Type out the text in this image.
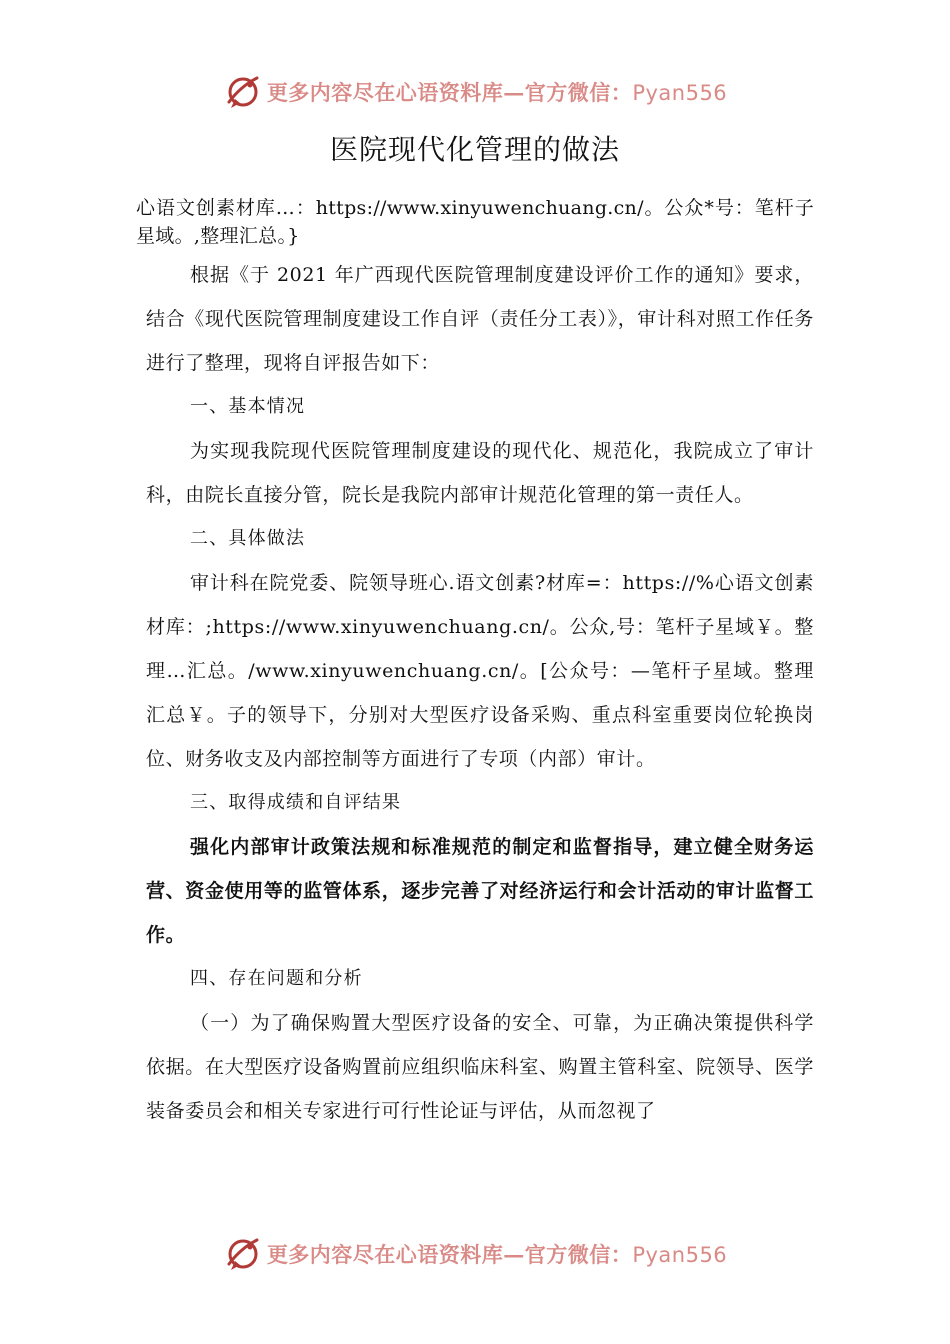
更多内容尽在心语资料库—官方微信：Pyan556
医院现代化管理的做法

心语文创素材库…：https://www.xinyuwenchuang.cn/。公众*号：笔杆子星域。,整理汇总。}

根据《于 2021 年广西现代医院管理制度建设评价工作的通知》要求，结合《现代医院管理制度建设工作自评（责任分工表）》，审计科对照工作任务进行了整理，现将自评报告如下：

一、基本情况

为实现我院现代医院管理制度建设的现代化、规范化，我院成立了审计科，由院长直接分管，院长是我院内部审计规范化管理的第一责任人。

二、具体做法

审计科在院党委、院领导班心.语文创素?材库=：https://%心语文创素材库：;https://www.xinyuwenchuang.cn/。公众,号：笔杆子星域￥。整理…汇总。/www.xinyuwenchuang.cn/。[公众号：—笔杆子星域。整理汇总￥。子的领导下，分别对大型医疗设备采购、重点科室重要岗位轮换岗位、财务收支及内部控制等方面进行了专项（内部）审计。

三、取得成绩和自评结果

强化内部审计政策法规和标准规范的制定和监督指导，建立健全财务运营、资金使用等的监管体系，逐步完善了对经济运行和会计活动的审计监督工作。

四、存在问题和分析

（一）为了确保购置大型医疗设备的安全、可靠，为正确决策提供科学依据。在大型医疗设备购置前应组织临床科室、购置主管科室、院领导、医学装备委员会和相关专家进行可行性论证与评估，从而忽视了

更多内容尽在心语资料库—官方微信：Pyan556
